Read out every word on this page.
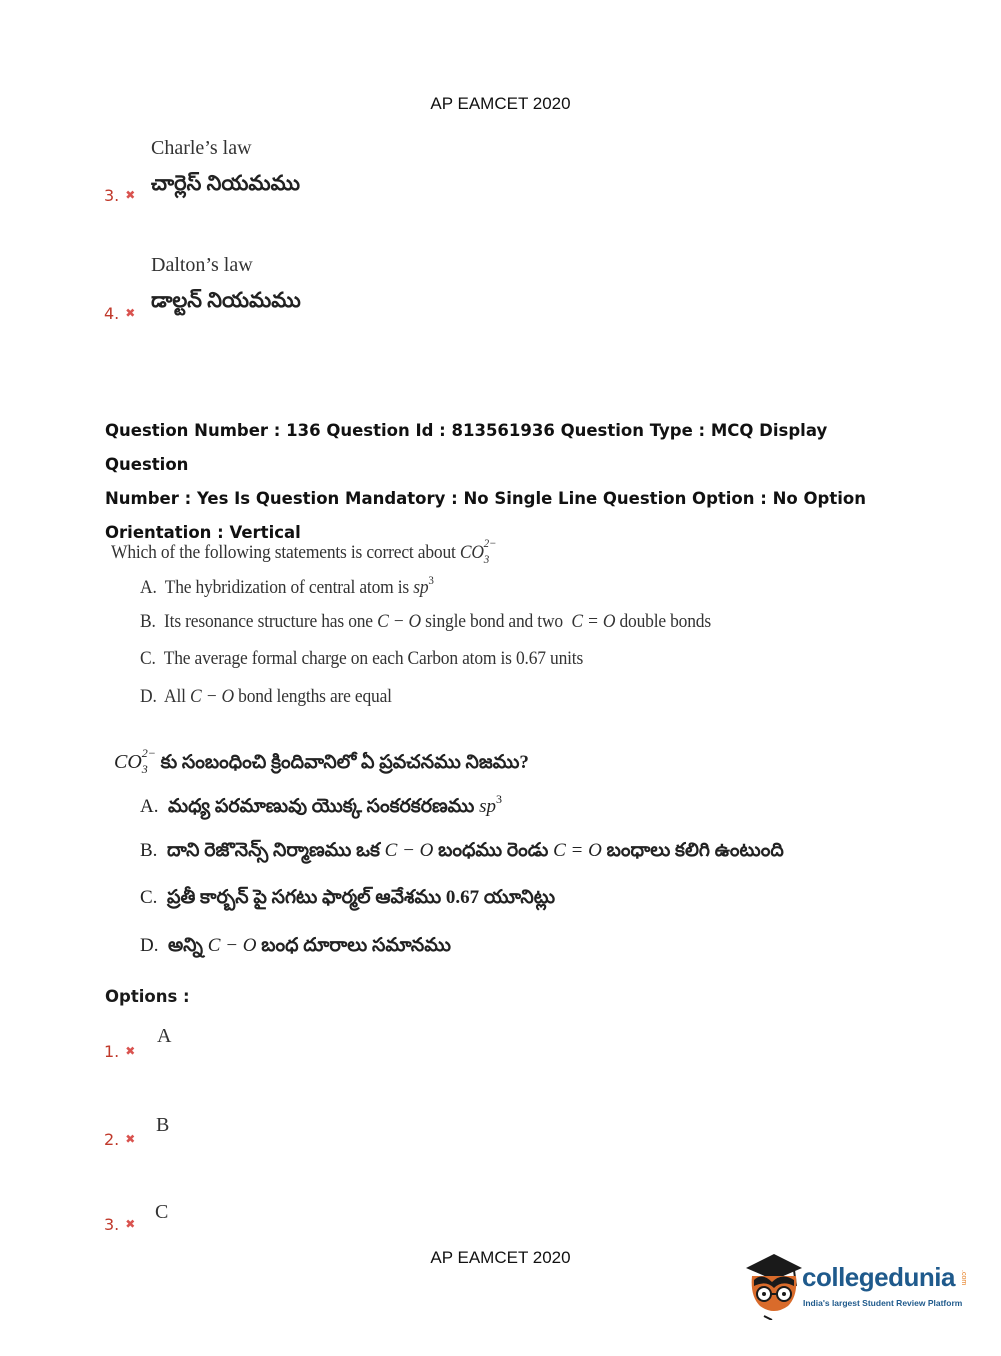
AP EAMCET 2020
Charle’s law
చార్లెస్ నియమము
3. ✖
Dalton’s law
డాల్టన్ నియమము
4. ✖
Question Number : 136 Question Id : 813561936 Question Type : MCQ Display Question
Number : Yes Is Question Mandatory : No Single Line Question Option : No Option
Orientation : Vertical
Which of the following statements is correct about $CO_3^{2-}$
A. The hybridization of central atom is $sp^3$
B. Its resonance structure has one C − O single bond and two C = O double bonds
C. The average formal charge on each Carbon atom is 0.67 units
D. All C − O bond lengths are equal
$CO_3^{2-}$ కు సంబంధించి క్రిందివానిలో ఏ ప్రవచనము నిజము?
A. మధ్య పరమాణువు యొక్క సంకరకరణము $sp^3$
B. దాని రెజొనెన్స్ నిర్మాణము ఒక C − O బంధము రెండు C = O బంధాలు కలిగి ఉంటుంది
C. ప్రతీ కార్బన్ పై సగటు ఫార్మల్ ఆవేశము 0.67 యూనిట్లు
D. అన్ని C − O బంధ దూరాలు సమానము
Options :
A
1. ✖
B
2. ✖
C
3. ✖
AP EAMCET 2020
collegedunia .com
India's largest Student Review Platform
